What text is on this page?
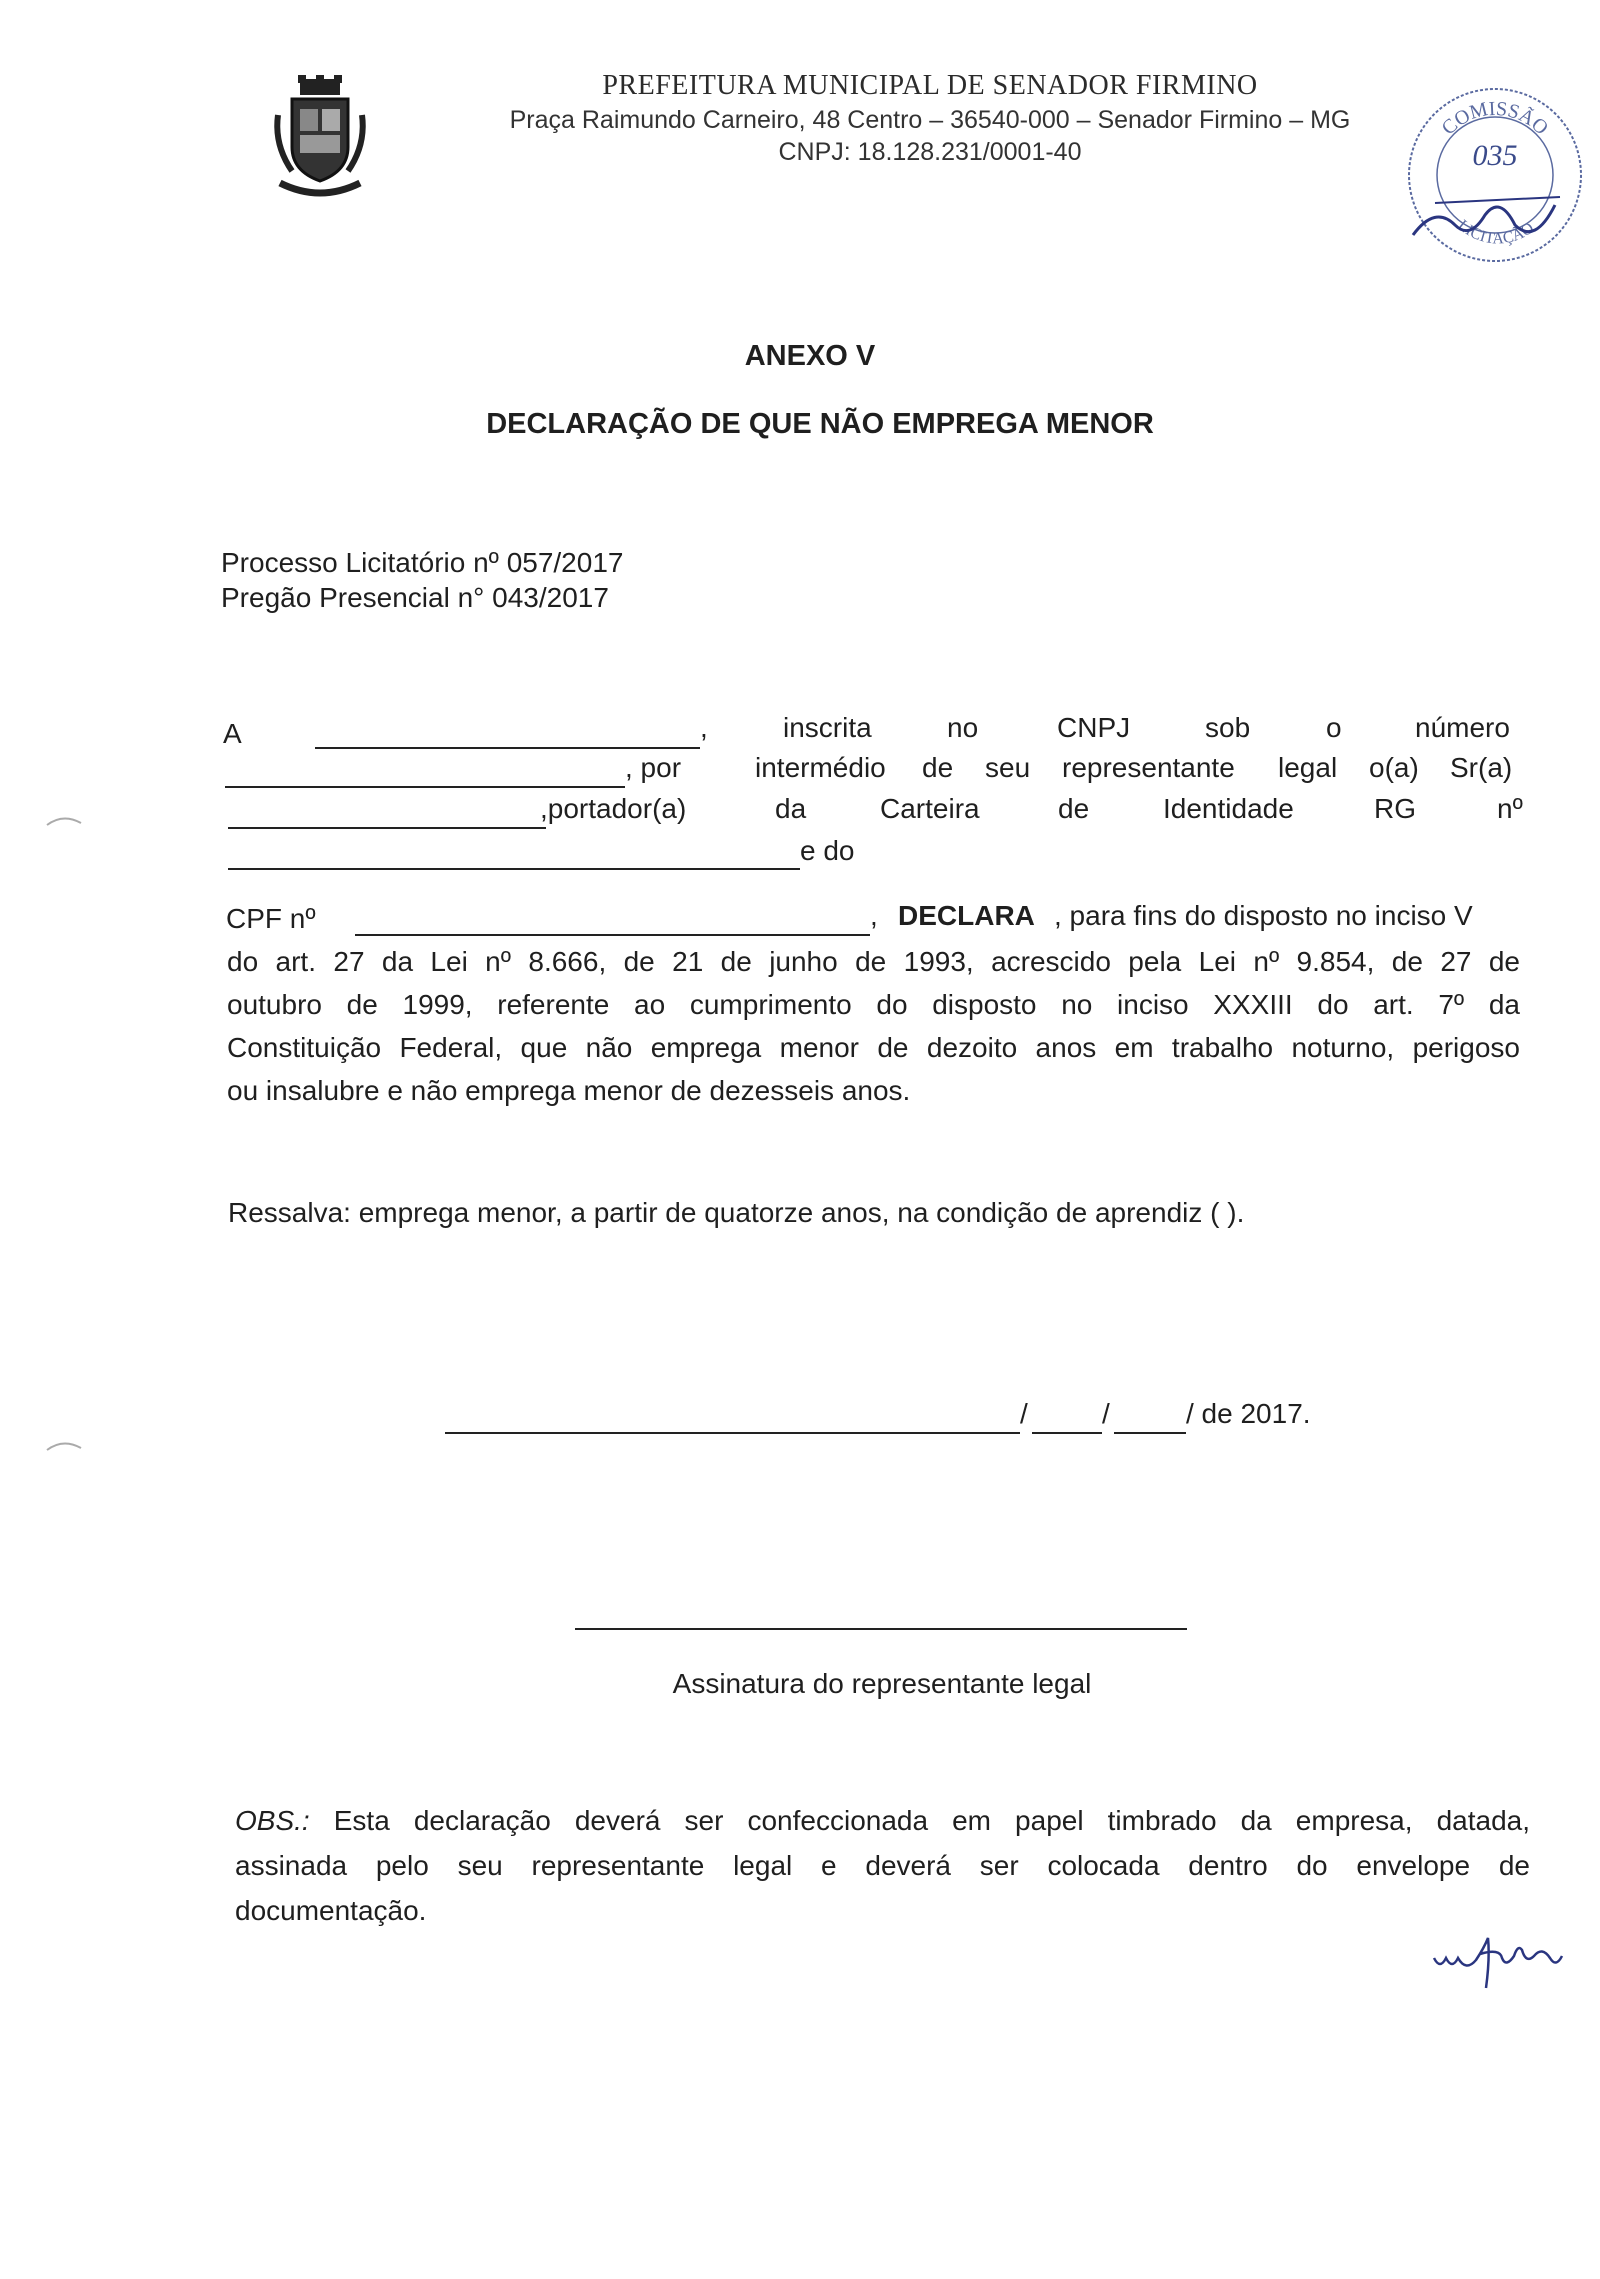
PREFEITURA MUNICIPAL DE SENADOR FIRMINO
Praça Raimundo Carneiro, 48 Centro – 36540-000 – Senador Firmino – MG
CNPJ: 18.128.231/0001-40
COMISSÃO
LICITAÇÃO
035
ANEXO V
DECLARAÇÃO DE QUE NÃO EMPREGA MENOR
Processo Licitatório nº 057/2017
Pregão Presencial n° 043/2017
A	,	inscrita	no	CNPJ	sob	o	número
, por	intermédio de seu representante legal o(a) Sr(a)
,portador(a)	da	Carteira	de	Identidade	RG	nº
e do
CPF nº	, DECLARA , para fins do disposto no inciso V
do art. 27 da Lei nº 8.666, de 21 de junho de 1993, acrescido pela Lei nº 9.854, de 27 de
outubro de 1999, referente ao cumprimento do disposto no inciso XXXIII do art. 7º da
Constituição Federal, que não emprega menor de dezoito anos em trabalho noturno, perigoso
ou insalubre e não emprega menor de dezesseis anos.
Ressalva: emprega menor, a partir de quatorze anos, na condição de aprendiz ( ).
/	/	/ de 2017.
Assinatura do representante legal
OBS.: Esta declaração deverá ser confeccionada em papel timbrado da empresa, datada,
assinada pelo seu representante legal e deverá ser colocada dentro do envelope de
documentação.
